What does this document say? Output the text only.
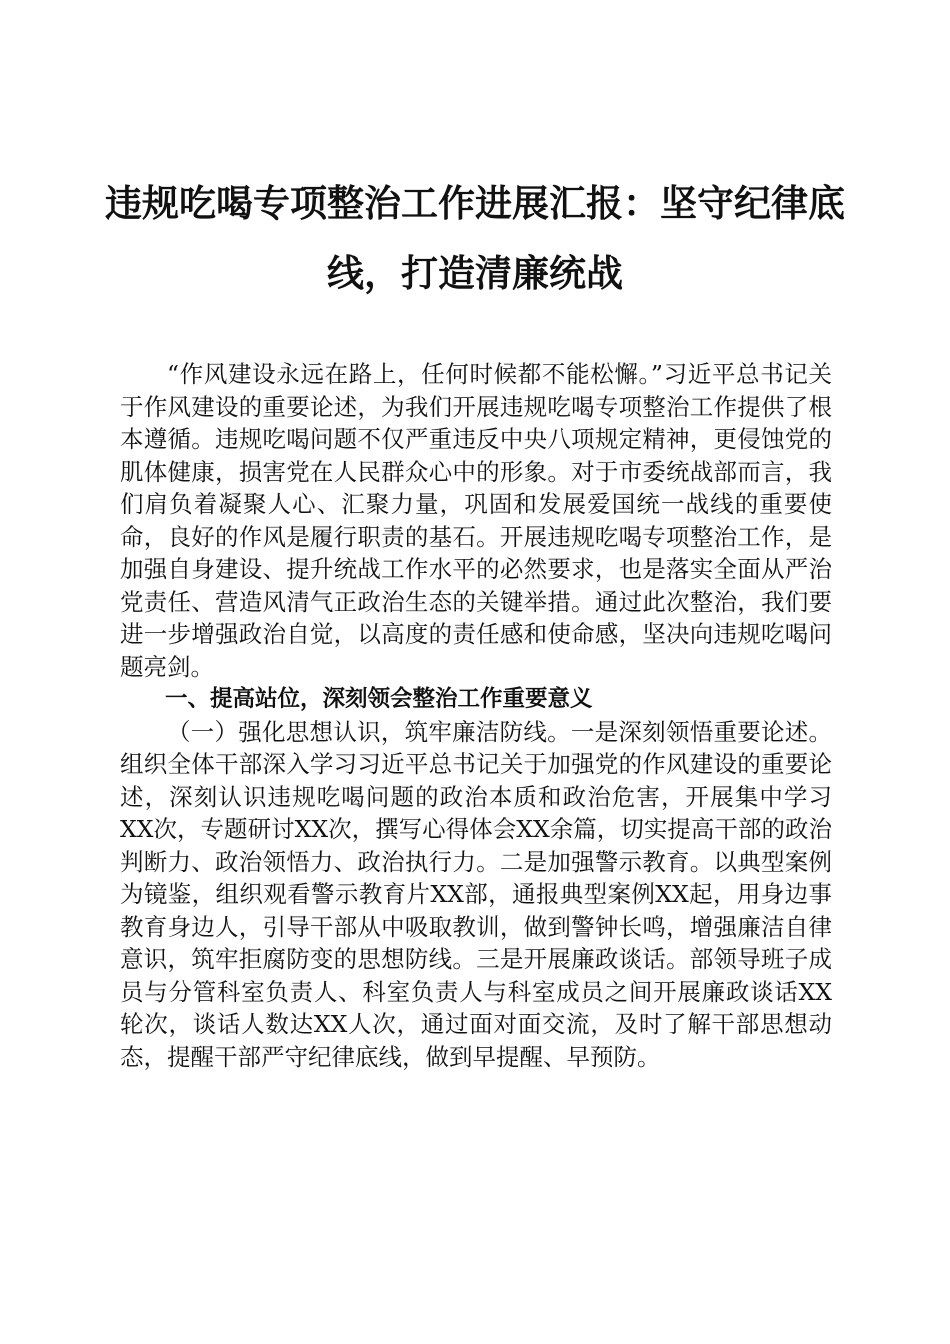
违规吃喝专项整治工作进展汇报：坚守纪律底线，打造清廉统战

“作风建设永远在路上，任何时候都不能松懈。”习近平总书记关于作风建设的重要论述，为我们开展违规吃喝专项整治工作提供了根本遵循。违规吃喝问题不仅严重违反中央八项规定精神，更侵蚀党的肌体健康，损害党在人民群众心中的形象。对于市委统战部而言，我们肩负着凝聚人心、汇聚力量，巩固和发展爱国统一战线的重要使命，良好的作风是履行职责的基石。开展违规吃喝专项整治工作，是加强自身建设、提升统战工作水平的必然要求，也是落实全面从严治党责任、营造风清气正政治生态的关键举措。通过此次整治，我们要进一步增强政治自觉，以高度的责任感和使命感，坚决向违规吃喝问题亮剑。

一、提高站位，深刻领会整治工作重要意义

（一）强化思想认识，筑牢廉洁防线。一是深刻领悟重要论述。组织全体干部深入学习习近平总书记关于加强党的作风建设的重要论述，深刻认识违规吃喝问题的政治本质和政治危害，开展集中学习XX次，专题研讨XX次，撰写心得体会XX余篇，切实提高干部的政治判断力、政治领悟力、政治执行力。二是加强警示教育。以典型案例为镜鉴，组织观看警示教育片XX部，通报典型案例XX起，用身边事教育身边人，引导干部从中吸取教训，做到警钟长鸣，增强廉洁自律意识，筑牢拒腐防变的思想防线。三是开展廉政谈话。部领导班子成员与分管科室负责人、科室负责人与科室成员之间开展廉政谈话XX轮次，谈话人数达XX人次，通过面对面交流，及时了解干部思想动态，提醒干部严守纪律底线，做到早提醒、早预防。
